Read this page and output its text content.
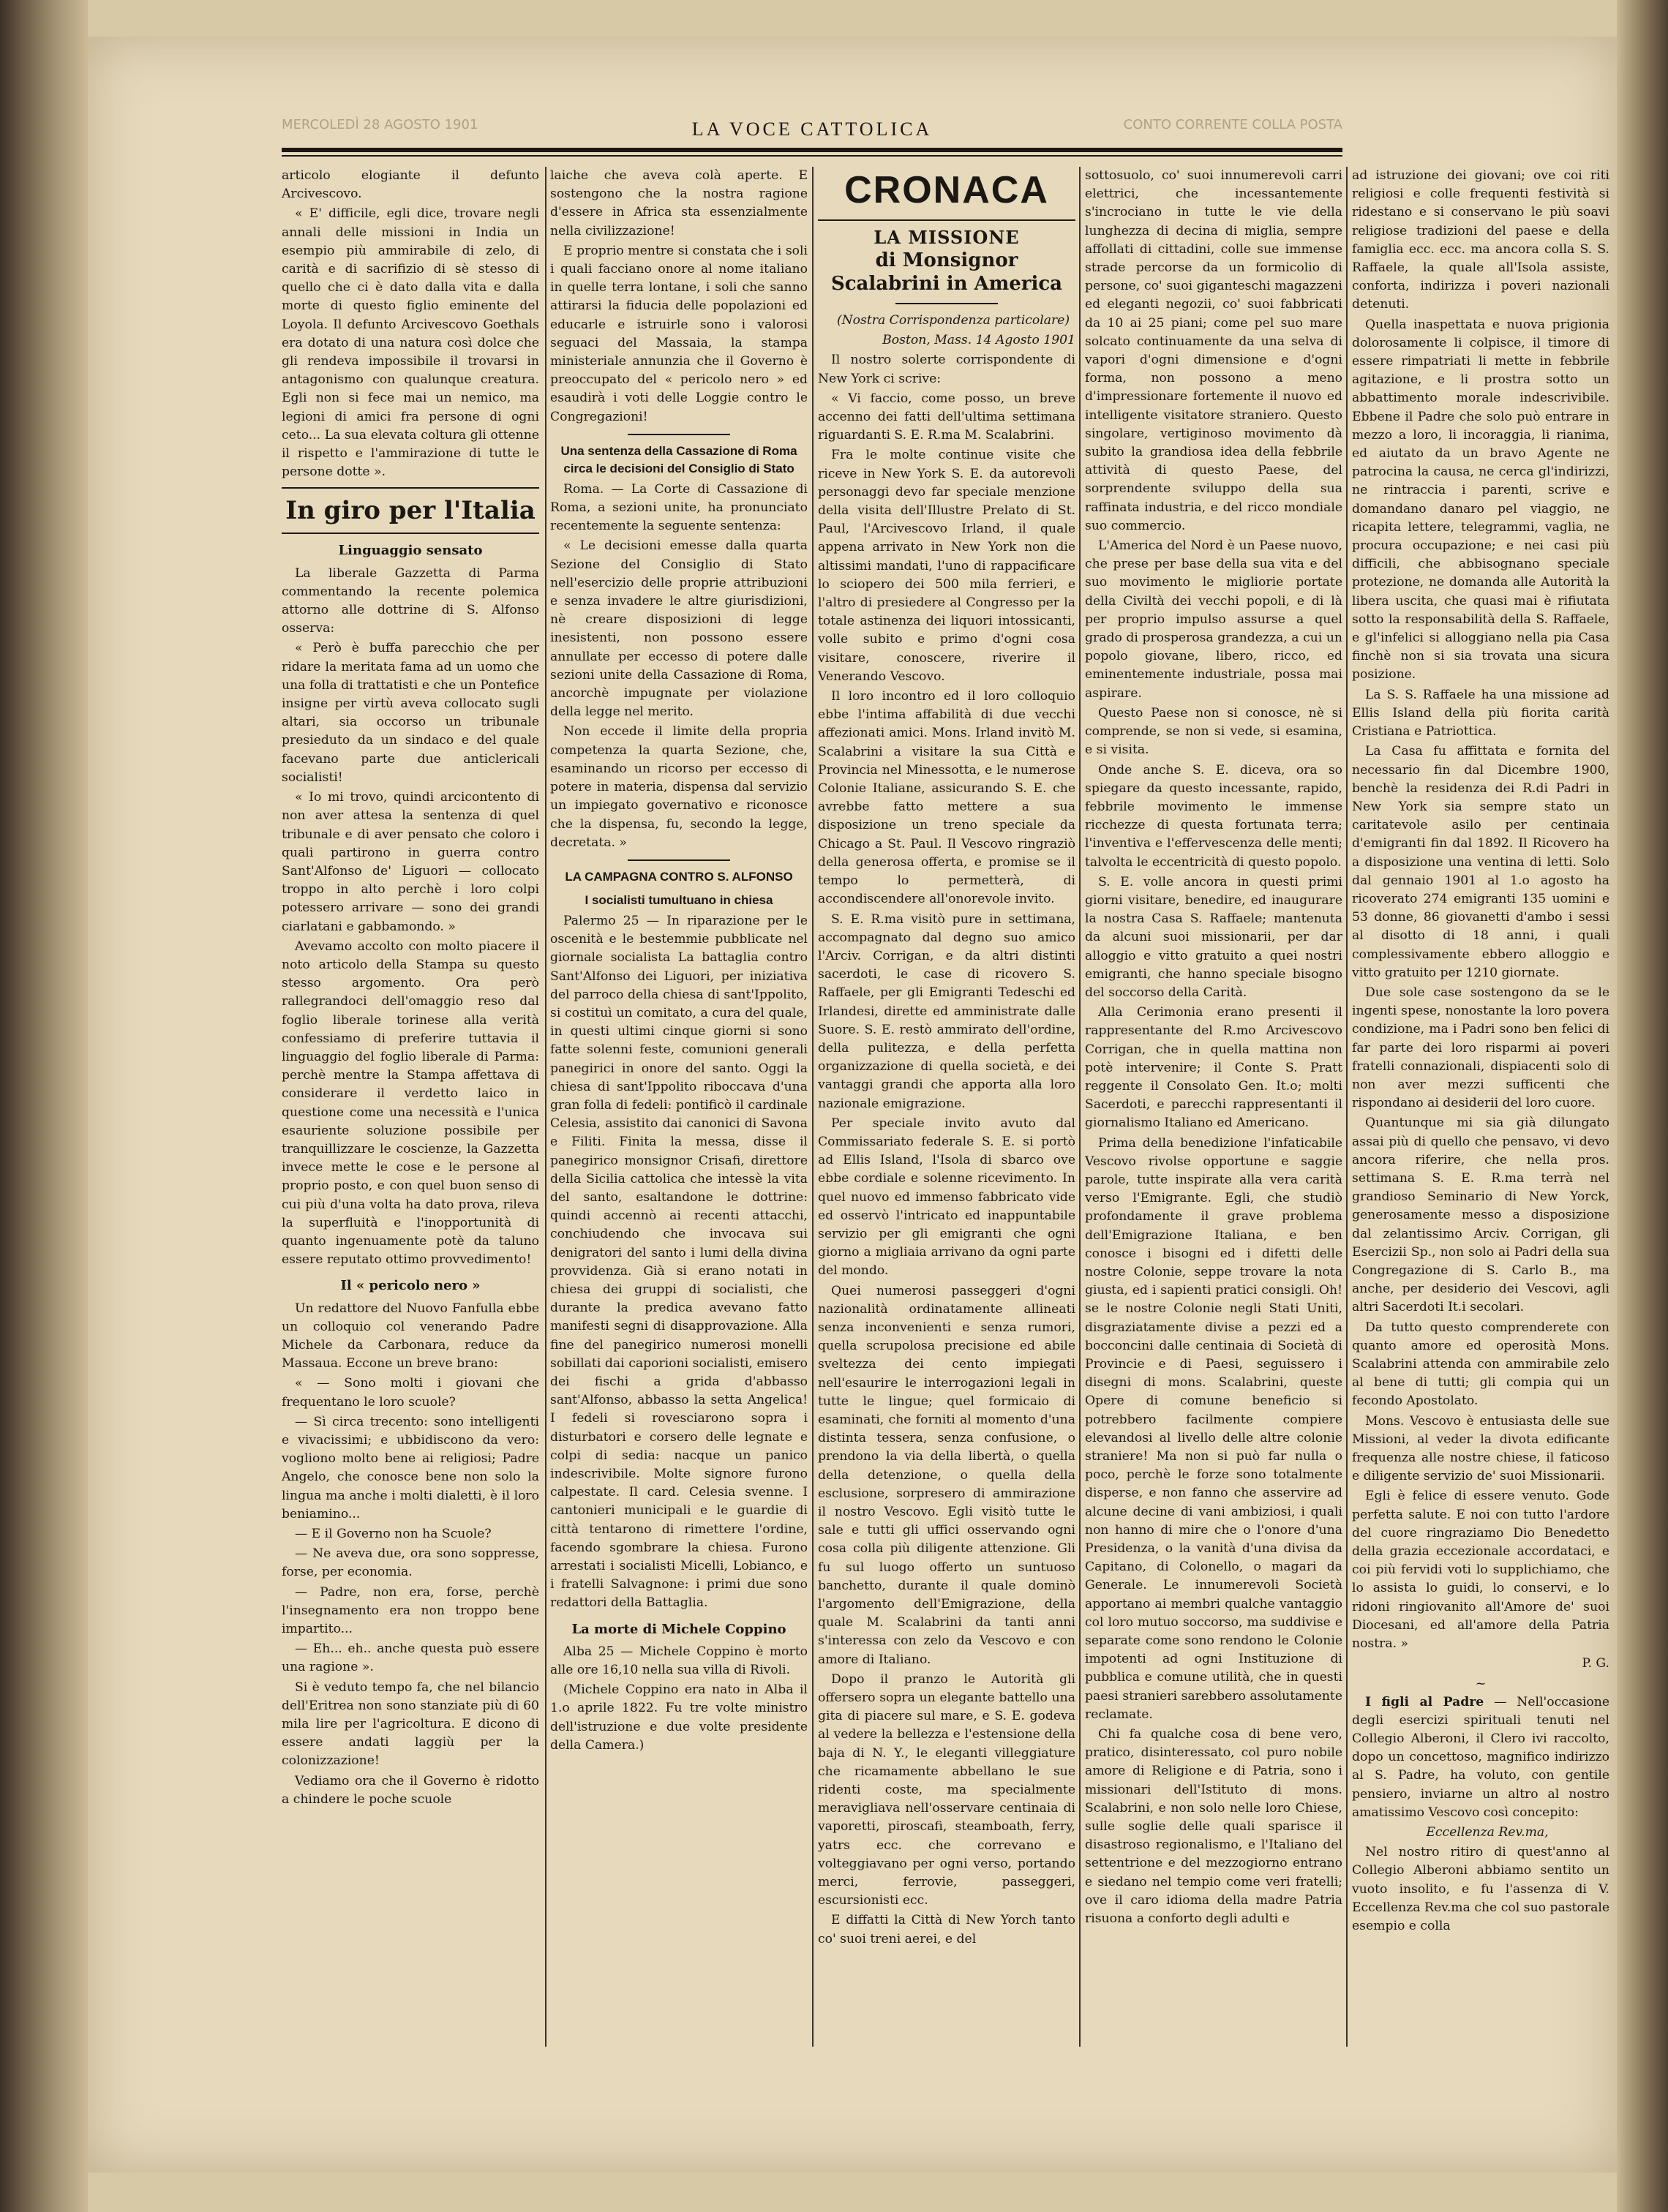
MERCOLEDÌ 28 AGOSTO 1901	LA VOCE CATTOLICA	CONTO CORRENTE COLLA POSTA

articolo elogiante il defunto Arcivescovo.

« E' difficile, egli dice, trovare negli annali delle missioni in India un esempio più ammirabile di zelo, di carità e di sacrifizio di sè stesso di quello che ci è dato dalla vita e dalla morte di questo figlio eminente del Loyola. Il defunto Arcivescovo Goethals era dotato di una natura così dolce che gli rendeva impossibile il trovarsi in antagonismo con qualunque creatura. Egli non si fece mai un nemico, ma legioni di amici fra persone di ogni ceto... La sua elevata coltura gli ottenne il rispetto e l'ammirazione di tutte le persone dotte ».

In giro per l'Italia
Linguaggio sensato

La liberale Gazzetta di Parma commentando la recente polemica attorno alle dottrine di S. Alfonso osserva:

« Però è buffa parecchio che per ridare la meritata fama ad un uomo che una folla di trattatisti e che un Pontefice insigne per virtù aveva collocato sugli altari, sia occorso un tribunale presieduto da un sindaco e del quale facevano parte due anticlericali socialisti!

« Io mi trovo, quindi arcicontento di non aver attesa la sentenza di quel tribunale e di aver pensato che coloro i quali partirono in guerra contro Sant'Alfonso de' Liguori — collocato troppo in alto perchè i loro colpi potessero arrivare — sono dei grandi ciarlatani e gabbamondo. »

Avevamo accolto con molto piacere il noto articolo della Stampa su questo stesso argomento. Ora però rallegrandoci dell'omaggio reso dal foglio liberale torinese alla verità confessiamo di preferire tuttavia il linguaggio del foglio liberale di Parma: perchè mentre la Stampa affettava di considerare il verdetto laico in questione come una necessità e l'unica esauriente soluzione possibile per tranquillizzare le coscienze, la Gazzetta invece mette le cose e le persone al proprio posto, e con quel buon senso di cui più d'una volta ha dato prova, rileva la superfluità e l'inopportunità di quanto ingenuamente potè da taluno essere reputato ottimo provvedimento!

Il « pericolo nero »

Un redattore del Nuovo Fanfulla ebbe un colloquio col venerando Padre Michele da Carbonara, reduce da Massaua. Eccone un breve brano:

« — Sono molti i giovani che frequentano le loro scuole?

— Sì circa trecento: sono intelligenti e vivacissimi; e ubbidiscono da vero: vogliono molto bene ai religiosi; Padre Angelo, che conosce bene non solo la lingua ma anche i molti dialetti, è il loro beniamino...

— E il Governo non ha Scuole?

— Ne aveva due, ora sono soppresse, forse, per economia.

— Padre, non era, forse, perchè l'insegnamento era non troppo bene impartito...

— Eh... eh.. anche questa può essere una ragione ».

Si è veduto tempo fa, che nel bilancio dell'Eritrea non sono stanziate più di 60 mila lire per l'agricoltura. E dicono di essere andati laggiù per la colonizzazione!

Vediamo ora che il Governo è ridotto a chindere le poche scuole

laiche che aveva colà aperte. E sostengono che la nostra ragione d'essere in Africa sta essenzialmente nella civilizzazione!

E proprio mentre si constata che i soli i quali facciano onore al nome italiano in quelle terra lontane, i soli che sanno attirarsi la fiducia delle popolazioni ed educarle e istruirle sono i valorosi seguaci del Massaia, la stampa ministeriale annunzia che il Governo è preoccupato del « pericolo nero » ed esaudirà i voti delle Loggie contro le Congregazioni!

Una sentenza della Cassazione di Roma circa le decisioni del Consiglio di Stato

Roma. — La Corte di Cassazione di Roma, a sezioni unite, ha pronunciato recentemente la seguente sentenza:

« Le decisioni emesse dalla quarta Sezione del Consiglio di Stato nell'esercizio delle proprie attribuzioni e senza invadere le altre giurisdizioni, nè creare disposizioni di legge inesistenti, non possono essere annullate per eccesso di potere dalle sezioni unite della Cassazione di Roma, ancorchè impugnate per violazione della legge nel merito.

Non eccede il limite della propria competenza la quarta Sezione, che, esaminando un ricorso per eccesso di potere in materia, dispensa dal servizio un impiegato governativo e riconosce che la dispensa, fu, secondo la legge, decretata. »

LA CAMPAGNA CONTRO S. ALFONSO
I socialisti tumultuano in chiesa

Palermo 25 — In riparazione per le oscenità e le bestemmie pubblicate nel giornale socialista La battaglia contro Sant'Alfonso dei Liguori, per iniziativa del parroco della chiesa di sant'Ippolito, si costituì un comitato, a cura del quale, in questi ultimi cinque giorni si sono fatte solenni feste, comunioni generali panegirici in onore del santo. Oggi la chiesa di sant'Ippolito riboccava d'una gran folla di fedeli: pontificò il cardinale Celesia, assistito dai canonici di Savona e Filiti. Finita la messa, disse il panegirico monsignor Crisafi, direttore della Sicilia cattolica che intessè la vita del santo, esaltandone le dottrine: quindi accennò ai recenti attacchi, conchiudendo che invocava sui denigratori del santo i lumi della divina provvidenza. Già si erano notati in chiesa dei gruppi di socialisti, che durante la predica avevano fatto manifesti segni di disapprovazione. Alla fine del panegirico numerosi monelli sobillati dai caporioni socialisti, emisero dei fischi a grida d'abbasso sant'Alfonso, abbasso la setta Angelica! I fedeli si rovesciarono sopra i disturbatori e corsero delle legnate e colpi di sedia: nacque un panico indescrivibile. Molte signore furono calpestate. Il card. Celesia svenne. I cantonieri municipali e le guardie di città tentarono di rimettere l'ordine, facendo sgombrare la chiesa. Furono arrestati i socialisti Micelli, Lobianco, e i fratelli Salvagnone: i primi due sono redattori della Battaglia.

La morte di Michele Coppino

Alba 25 — Michele Coppino è morto alle ore 16,10 nella sua villa di Rivoli.

(Michele Coppino era nato in Alba il 1.o aprile 1822. Fu tre volte ministro dell'istruzione e due volte presidente della Camera.)

CRONACA
LA MISSIONE
di Monsignor Scalabrini in America

(Nostra Corrispondenza particolare)

Boston, Mass. 14 Agosto 1901

Il nostro solerte corrispondente di New York ci scrive:

« Vi faccio, come posso, un breve accenno dei fatti dell'ultima settimana riguardanti S. E. R.ma M. Scalabrini.

Fra le molte continue visite che riceve in New York S. E. da autorevoli personaggi devo far speciale menzione della visita dell'Illustre Prelato di St. Paul, l'Arcivescovo Irland, il quale appena arrivato in New York non die altissimi mandati, l'uno di rappacificare lo sciopero dei 500 mila ferrieri, e l'altro di presiedere al Congresso per la totale astinenza dei liquori intossicanti, volle subito e primo d'ogni cosa visitare, conoscere, riverire il Venerando Vescovo.

Il loro incontro ed il loro colloquio ebbe l'intima affabilità di due vecchi affezionati amici. Mons. Irland invitò M. Scalabrini a visitare la sua Città e Provincia nel Minessotta, e le numerose Colonie Italiane, assicurando S. E. che avrebbe fatto mettere a sua disposizione un treno speciale da Chicago a St. Paul. Il Vescovo ringraziò della generosa offerta, e promise se il tempo lo permetterà, di accondiscendere all'onorevole invito.

S. E. R.ma visitò pure in settimana, accompagnato dal degno suo amico l'Arciv. Corrigan, e da altri distinti sacerdoti, le case di ricovero S. Raffaele, per gli Emigranti Tedeschi ed Irlandesi, dirette ed amministrate dalle Suore. S. E. restò ammirato dell'ordine, della pulitezza, e della perfetta organizzazione di quella società, e dei vantaggi grandi che apporta alla loro nazionale emigrazione.

Per speciale invito avuto dal Commissariato federale S. E. si portò ad Ellis Island, l'Isola di sbarco ove ebbe cordiale e solenne ricevimento. In quel nuovo ed immenso fabbricato vide ed osservò l'intricato ed inappuntabile servizio per gli emigranti che ogni giorno a migliaia arrivano da ogni parte del mondo.

Quei numerosi passeggeri d'ogni nazionalità ordinatamente allineati senza inconvenienti e senza rumori, quella scrupolosa precisione ed abile sveltezza dei cento impiegati nell'esaurire le interrogazioni legali in tutte le lingue; quel formicaio di esaminati, che forniti al momento d'una distinta tessera, senza confusione, o prendono la via della libertà, o quella della detenzione, o quella della esclusione, sorpresero di ammirazione il nostro Vescovo. Egli visitò tutte le sale e tutti gli uffici osservando ogni cosa colla più diligente attenzione. Gli fu sul luogo offerto un suntuoso banchetto, durante il quale dominò l'argomento dell'Emigrazione, della quale M. Scalabrini da tanti anni s'interessa con zelo da Vescovo e con amore di Italiano.

Dopo il pranzo le Autorità gli offersero sopra un elegante battello una gita di piacere sul mare, e S. E. godeva al vedere la bellezza e l'estensione della baja di N. Y., le eleganti villeggiature che ricamamente abbellano le sue ridenti coste, ma specialmente meravigliava nell'osservare centinaia di vaporetti, piroscafi, steamboath, ferry, yatrs ecc. che correvano e volteggiavano per ogni verso, portando merci, ferrovie, passeggeri, escursionisti ecc.

E diffatti la Città di New Yorch tanto co' suoi treni aerei, e del

sottosuolo, co' suoi innumerevoli carri elettrici, che incessantemente s'incrociano in tutte le vie della lunghezza di decina di miglia, sempre affollati di cittadini, colle sue immense strade percorse da un formicolio di persone, co' suoi giganteschi magazzeni ed eleganti negozii, co' suoi fabbricati da 10 ai 25 piani; come pel suo mare solcato continuamente da una selva di vapori d'ogni dimensione e d'ogni forma, non possono a meno d'impressionare fortemente il nuovo ed intelligente visitatore straniero. Questo singolare, vertiginoso movimento dà subito la grandiosa idea della febbrile attività di questo Paese, del sorprendente sviluppo della sua raffinata industria, e del ricco mondiale suo commercio.

L'America del Nord è un Paese nuovo, che prese per base della sua vita e del suo movimento le migliorie portate della Civiltà dei vecchi popoli, e di là per proprio impulso assurse a quel grado di prosperosa grandezza, a cui un popolo giovane, libero, ricco, ed eminentemente industriale, possa mai aspirare.

Questo Paese non si conosce, nè si comprende, se non si vede, si esamina, e si visita.

Onde anche S. E. diceva, ora so spiegare da questo incessante, rapido, febbrile movimento le immense ricchezze di questa fortunata terra; l'inventiva e l'effervescenza delle menti; talvolta le eccentricità di questo popolo.

S. E. volle ancora in questi primi giorni visitare, benedire, ed inaugurare la nostra Casa S. Raffaele; mantenuta da alcuni suoi missionarii, per dar alloggio e vitto gratuito a quei nostri emigranti, che hanno speciale bisogno del soccorso della Carità.

Alla Cerimonia erano presenti il rappresentante del R.mo Arcivescovo Corrigan, che in quella mattina non potè intervenire; il Conte S. Pratt reggente il Consolato Gen. It.o; molti Sacerdoti, e parecchi rappresentanti il giornalismo Italiano ed Americano.

Prima della benedizione l'infaticabile Vescovo rivolse opportune e saggie parole, tutte inspirate alla vera carità verso l'Emigrante. Egli, che studiò profondamente il grave problema dell'Emigrazione Italiana, e ben conosce i bisogni ed i difetti delle nostre Colonie, seppe trovare la nota giusta, ed i sapienti pratici consigli. Oh! se le nostre Colonie negli Stati Uniti, disgraziatamente divise a pezzi ed a bocconcini dalle centinaia di Società di Provincie e di Paesi, seguissero i disegni di mons. Scalabrini, queste Opere di comune beneficio si potrebbero facilmente compiere elevandosi al livello delle altre colonie straniere! Ma non si può far nulla o poco, perchè le forze sono totalmente disperse, e non fanno che asservire ad alcune decine di vani ambiziosi, i quali non hanno di mire che o l'onore d'una Presidenza, o la vanità d'una divisa da Capitano, di Colonello, o magari da Generale. Le innumerevoli Società apportano ai membri qualche vantaggio col loro mutuo soccorso, ma suddivise e separate come sono rendono le Colonie impotenti ad ogni Instituzione di pubblica e comune utilità, che in questi paesi stranieri sarebbero assolutamente reclamate.

Chi fa qualche cosa di bene vero, pratico, disinteressato, col puro nobile amore di Religione e di Patria, sono i missionari dell'Istituto di mons. Scalabrini, e non solo nelle loro Chiese, sulle soglie delle quali sparisce il disastroso regionalismo, e l'Italiano del settentrione e del mezzogiorno entrano e siedano nel tempio come veri fratelli; ove il caro idioma della madre Patria risuona a conforto degli adulti e

ad istruzione dei giovani; ove coi riti religiosi e colle frequenti festività si ridestano e si conservano le più soavi religiose tradizioni del paese e della famiglia ecc. ecc. ma ancora colla S. S. Raffaele, la quale all'Isola assiste, conforta, indirizza i poveri nazionali detenuti.

Quella inaspettata e nuova prigionia dolorosamente li colpisce, il timore di essere rimpatriati li mette in febbrile agitazione, e li prostra sotto un abbattimento morale indescrivibile. Ebbene il Padre che solo può entrare in mezzo a loro, li incoraggia, li rianima, ed aiutato da un bravo Agente ne patrocina la causa, ne cerca gl'indirizzi, ne rintraccia i parenti, scrive e domandano danaro pel viaggio, ne ricapita lettere, telegrammi, vaglia, ne procura occupazione; e nei casi più difficili, che abbisognano speciale protezione, ne domanda alle Autorità la libera uscita, che quasi mai è rifiutata sotto la responsabilità della S. Raffaele, e gl'infelici si alloggiano nella pia Casa finchè non si sia trovata una sicura posizione.

La S. S. Raffaele ha una missione ad Ellis Island della più fiorita carità Cristiana e Patriottica.

La Casa fu affittata e fornita del necessario fin dal Dicembre 1900, benchè la residenza dei R.di Padri in New York sia sempre stato un caritatevole asilo per centinaia d'emigranti fin dal 1892. Il Ricovero ha a disposizione una ventina di letti. Solo dal gennaio 1901 al 1.o agosto ha ricoverato 274 emigranti 135 uomini e 53 donne, 86 giovanetti d'ambo i sessi al disotto di 18 anni, i quali complessivamente ebbero alloggio e vitto gratuito per 1210 giornate.

Due sole case sostengono da se le ingenti spese, nonostante la loro povera condizione, ma i Padri sono ben felici di far parte dei loro risparmi ai poveri fratelli connazionali, dispiacenti solo di non aver mezzi sufficenti che rispondano ai desiderii del loro cuore.

Quantunque mi sia già dilungato assai più di quello che pensavo, vi devo ancora riferire, che nella pros. settimana S. E. R.ma terrà nel grandioso Seminario di New Yorck, generosamente messo a disposizione dal zelantissimo Arciv. Corrigan, gli Esercizii Sp., non solo ai Padri della sua Congregazione di S. Carlo B., ma anche, per desiderio dei Vescovi, agli altri Sacerdoti It.i secolari.

Da tutto questo comprenderete con quanto amore ed operosità Mons. Scalabrini attenda con ammirabile zelo al bene di tutti; gli compia qui un fecondo Apostolato.

Mons. Vescovo è entusiasta delle sue Missioni, al veder la divota edificante frequenza alle nostre chiese, il faticoso e diligente servizio de' suoi Missionarii.

Egli è felice di essere venuto. Gode perfetta salute. E noi con tutto l'ardore del cuore ringraziamo Dio Benedetto della grazia eccezionale accordataci, e coi più fervidi voti lo supplichiamo, che lo assista lo guidi, lo conservi, e lo ridoni ringiovanito all'Amore de' suoi Diocesani, ed all'amore della Patria nostra. »

P. G.

~

I figli al Padre — Nell'occasione degli esercizi spirituali tenuti nel Collegio Alberoni, il Clero ivi raccolto, dopo un concettoso, magnifico indirizzo al S. Padre, ha voluto, con gentile pensiero, inviarne un altro al nostro amatissimo Vescovo così concepito:

Eccellenza Rev.ma,

Nel nostro ritiro di quest'anno al Collegio Alberoni abbiamo sentito un vuoto insolito, e fu l'assenza di V. Eccellenza Rev.ma che col suo pastorale esempio e colla
